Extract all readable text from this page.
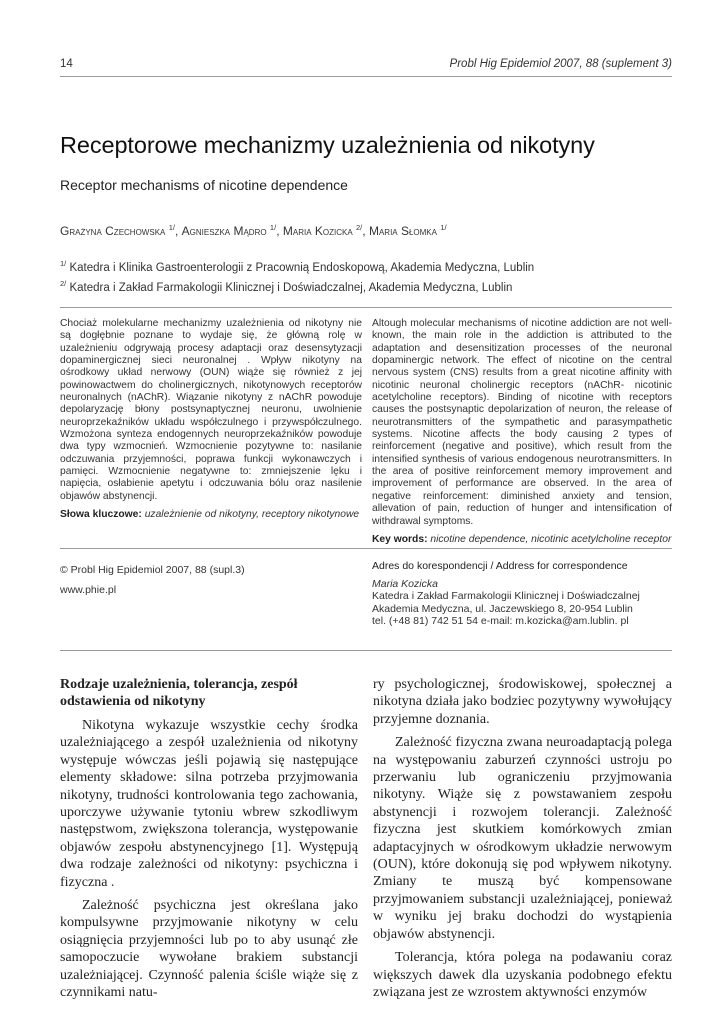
14	Probl Hig Epidemiol 2007, 88 (suplement 3)
Receptorowe mechanizmy uzależnienia od nikotyny
Receptor mechanisms of nicotine dependence
Grażyna Czechowska $^{1/}$, Agnieszka Mądro $^{1/}$, Maria Kozicka $^{2/}$, Maria Słomka $^{1/}$
$^{1/}$ Katedra i Klinika Gastroenterologii z Pracownią Endoskopową, Akademia Medyczna, Lublin
$^{2/}$ Katedra i Zakład Farmakologii Klinicznej i Doświadczalnej, Akademia Medyczna, Lublin
Chociaż molekularne mechanizmy uzależnienia od nikotyny nie są dogłębnie poznane to wydaje się, że główną rolę w uzależnieniu odgrywają procesy adaptacji oraz desensytyzacji dopaminergicznej sieci neuronalnej . Wpływ nikotyny na ośrodkowy układ nerwowy (OUN) wiąże się również z jej powinowactwem do cholinergicznych, nikotynowych receptorów neuronalnych (nAChR). Wiązanie nikotyny z nAChR powoduje depolaryzację błony postsynaptycznej neuronu, uwolnienie neuroprzekaźników układu współczulnego i przywspółczulnego. Wzmożona synteza endogennych neuroprzekaźników powoduje dwa typy wzmocnień. Wzmocnienie pozytywne to: nasilanie odczuwania przyjemności, poprawa funkcji wykonawczych i pamięci. Wzmocnienie negatywne to: zmniejszenie lęku i napięcia, osłabienie apetytu i odczuwania bólu oraz nasilenie objawów abstynencji.
Słowa kluczowe: uzależnienie od nikotyny, receptory nikotynowe
Altough molecular mechanisms of nicotine addiction are not well-known, the main role in the addiction is attributed to the adaptation and desensitization processes of the neuronal dopaminergic network. The effect of nicotine on the central nervous system (CNS) results from a great nicotine affinity with nicotinic neuronal cholinergic receptors (nAChR- nicotinic acetylcholine receptors). Binding of nicotine with receptors causes the postsynaptic depolarization of neuron, the release of neurotransmitters of the sympathetic and parasympathetic systems. Nicotine affects the body causing 2 types of reinforcement (negative and positive), which result from the intensified synthesis of various endogenous neurotransmitters. In the area of positive reinforcement memory improvement and improvement of performance are observed. In the area of negative reinforcement: diminished anxiety and tension, allevation of pain, reduction of hunger and intensification of withdrawal symptoms.
Key words: nicotine dependence, nicotinic acetylcholine receptor
© Probl Hig Epidemiol 2007, 88 (supl.3)
www.phie.pl
Adres do korespondencji / Address for correspondence
Maria Kozicka
Katedra i Zakład Farmakologii Klinicznej i Doświadczalnej
Akademia Medyczna, ul. Jaczewskiego 8, 20-954 Lublin
tel. (+48 81) 742 51 54 e-mail: m.kozicka@am.lublin. pl
Rodzaje uzależnienia, tolerancja, zespół odstawienia od nikotyny

Nikotyna wykazuje wszystkie cechy środka uzależniającego a zespół uzależnienia od nikotyny występuje wówczas jeśli pojawią się następujące elementy składowe: silna potrzeba przyjmowania nikotyny, trudności kontrolowania tego zachowania, uporczywe używanie tytoniu wbrew szkodliwym następstwom, zwiększona tolerancja, występowanie objawów zespołu abstynencyjnego [1]. Występują dwa rodzaje zależności od nikotyny: psychiczna i fizyczna .

Zależność psychiczna jest określana jako kompulsywne przyjmowanie nikotyny w celu osiągnięcia przyjemności lub po to aby usunąć złe samopoczucie wywołane brakiem substancji uzależniającej. Czynność palenia ściśle wiąże się z czynnikami natu-

ry psychologicznej, środowiskowej, społecznej a nikotyna działa jako bodziec pozytywny wywołujący przyjemne doznania.

Zależność fizyczna zwana neuroadaptacją polega na występowaniu zaburzeń czynności ustroju po przerwaniu lub ograniczeniu przyjmowania nikotyny. Wiąże się z powstawaniem zespołu abstynencji i rozwojem tolerancji. Zależność fizyczna jest skutkiem komórkowych zmian adaptacyjnych w ośrodkowym układzie nerwowym (OUN), które dokonują się pod wpływem nikotyny. Zmiany te muszą być kompensowane przyjmowaniem substancji uzależniającej, ponieważ w wyniku jej braku dochodzi do wystąpienia objawów abstynencji.

Tolerancja, która polega na podawaniu coraz większych dawek dla uzyskania podobnego efektu związana jest ze wzrostem aktywności enzymów
